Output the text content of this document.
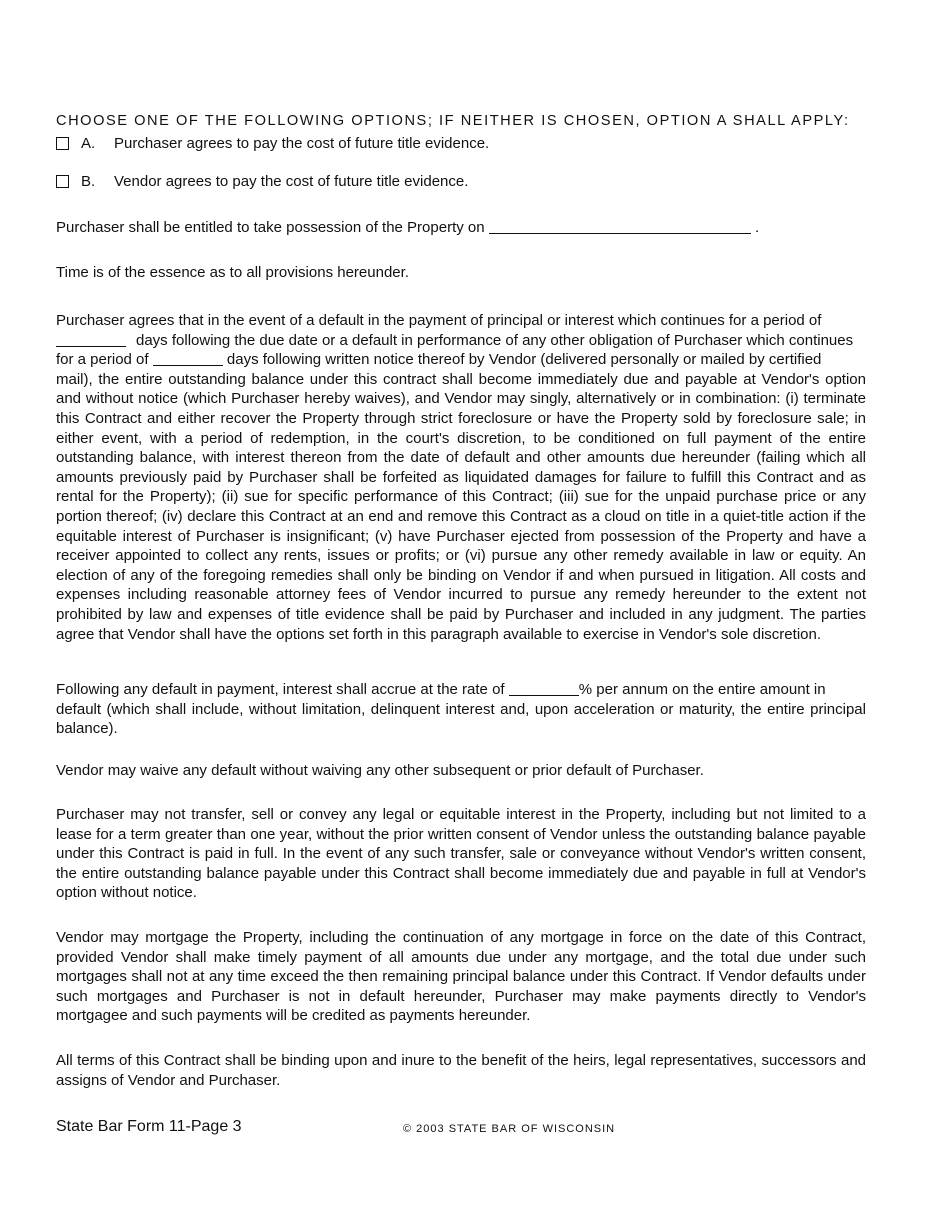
CHOOSE ONE OF THE FOLLOWING OPTIONS; IF NEITHER IS CHOSEN, OPTION A SHALL APPLY:
A. Purchaser agrees to pay the cost of future title evidence.
B. Vendor agrees to pay the cost of future title evidence.
Purchaser shall be entitled to take possession of the Property on	.
Time is of the essence as to all provisions hereunder.
Purchaser agrees that in the event of a default in the payment of principal or interest which continues for a period of
days following the due date or a default in performance of any other obligation of Purchaser which continues
for a period of	days following written notice thereof by Vendor (delivered personally or mailed by certified

mail), the entire outstanding balance under this contract shall become immediately due and payable at Vendor's option and without notice (which Purchaser hereby waives), and Vendor may singly, alternatively or in combination: (i) terminate this Contract and either recover the Property through strict foreclosure or have the Property sold by foreclosure sale; in either event, with a period of redemption, in the court's discretion, to be conditioned on full payment of the entire outstanding balance, with interest thereon from the date of default and other amounts due hereunder (failing which all amounts previously paid by Purchaser shall be forfeited as liquidated damages for failure to fulfill this Contract and as rental for the Property); (ii) sue for specific performance of this Contract; (iii) sue for the unpaid purchase price or any portion thereof; (iv) declare this Contract at an end and remove this Contract as a cloud on title in a quiet-title action if the equitable interest of Purchaser is insignificant; (v) have Purchaser ejected from possession of the Property and have a receiver appointed to collect any rents, issues or profits; or (vi) pursue any other remedy available in law or equity. An election of any of the foregoing remedies shall only be binding on Vendor if and when pursued in litigation. All costs and expenses including reasonable attorney fees of Vendor incurred to pursue any remedy hereunder to the extent not prohibited by law and expenses of title evidence shall be paid by Purchaser and included in any judgment. The parties agree that Vendor shall have the options set forth in this paragraph available to exercise in Vendor's sole discretion.

Following any default in payment, interest shall accrue at the rate of	% per annum on the entire amount in

default (which shall include, without limitation, delinquent interest and, upon acceleration or maturity, the entire principal balance).

Vendor may waive any default without waiving any other subsequent or prior default of Purchaser.
Purchaser may not transfer, sell or convey any legal or equitable interest in the Property, including but not limited to a lease for a term greater than one year, without the prior written consent of Vendor unless the outstanding balance payable under this Contract is paid in full. In the event of any such transfer, sale or conveyance without Vendor's written consent, the entire outstanding balance payable under this Contract shall become immediately due and payable in full at Vendor's option without notice.
Vendor may mortgage the Property, including the continuation of any mortgage in force on the date of this Contract, provided Vendor shall make timely payment of all amounts due under any mortgage, and the total due under such mortgages shall not at any time exceed the then remaining principal balance under this Contract. If Vendor defaults under such mortgages and Purchaser is not in default hereunder, Purchaser may make payments directly to Vendor's mortgagee and such payments will be credited as payments hereunder.
All terms of this Contract shall be binding upon and inure to the benefit of the heirs, legal representatives, successors and assigns of Vendor and Purchaser.
State Bar Form 11-Page 3	© 2003 STATE BAR OF WISCONSIN
